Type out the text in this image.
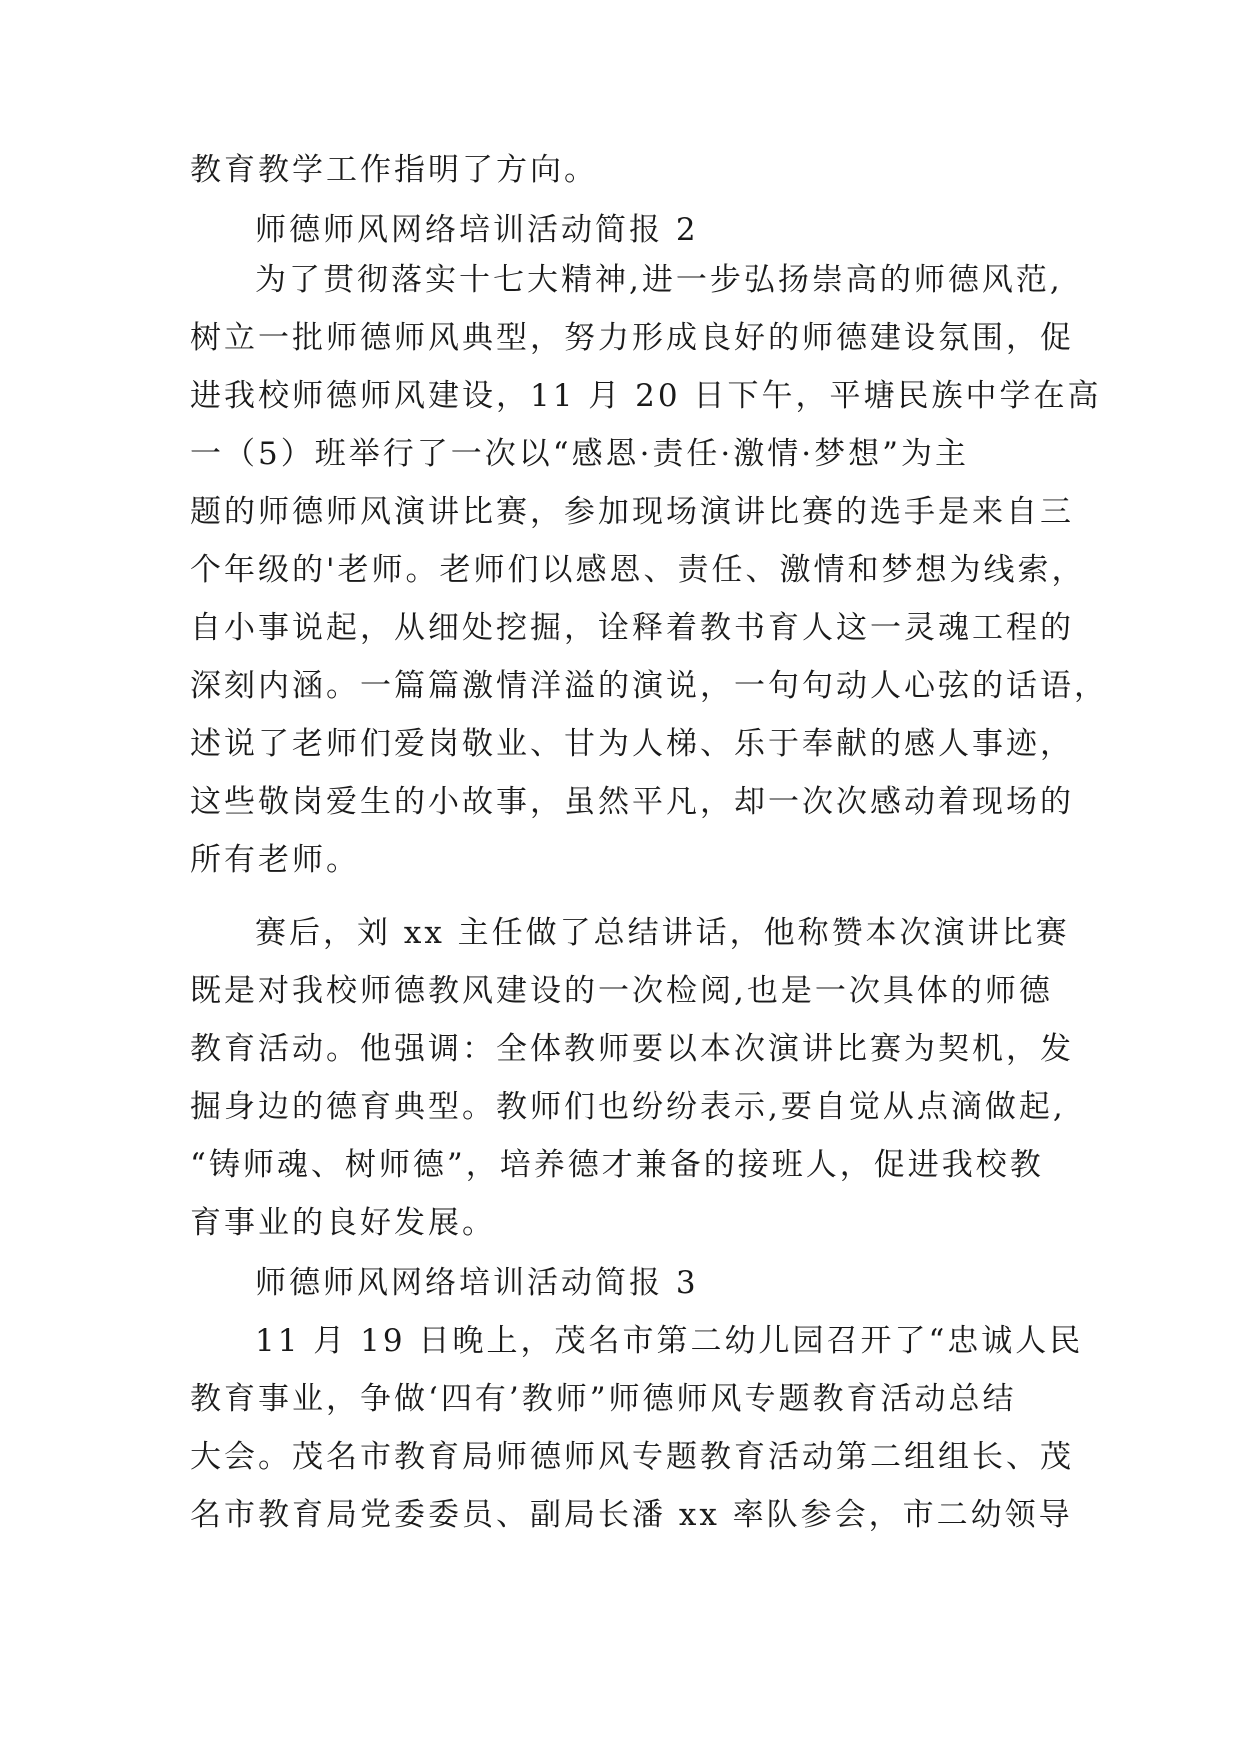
教育教学工作指明了方向。
师德师风网络培训活动简报 2
为了贯彻落实十七大精神,进一步弘扬崇高的师德风范,
树立一批师德师风典型，努力形成良好的师德建设氛围，促
进我校师德师风建设，11 月 20 日下午，平塘民族中学在高
一（5）班举行了一次以“感恩·责任·激情·梦想”为主
题的师德师风演讲比赛，参加现场演讲比赛的选手是来自三
个年级的'老师。老师们以感恩、责任、激情和梦想为线索，
自小事说起，从细处挖掘，诠释着教书育人这一灵魂工程的
深刻内涵。一篇篇激情洋溢的演说，一句句动人心弦的话语，
述说了老师们爱岗敬业、甘为人梯、乐于奉献的感人事迹，
这些敬岗爱生的小故事，虽然平凡，却一次次感动着现场的
所有老师。
赛后，刘 xx 主任做了总结讲话，他称赞本次演讲比赛
既是对我校师德教风建设的一次检阅,也是一次具体的师德
教育活动。他强调：全体教师要以本次演讲比赛为契机，发
掘身边的德育典型。教师们也纷纷表示,要自觉从点滴做起,
“铸师魂、树师德”，培养德才兼备的接班人，促进我校教
育事业的良好发展。
师德师风网络培训活动简报 3
11 月 19 日晚上，茂名市第二幼儿园召开了“忠诚人民
教育事业，争做‘四有’教师”师德师风专题教育活动总结
大会。茂名市教育局师德师风专题教育活动第二组组长、茂
名市教育局党委委员、副局长潘 xx 率队参会，市二幼领导
